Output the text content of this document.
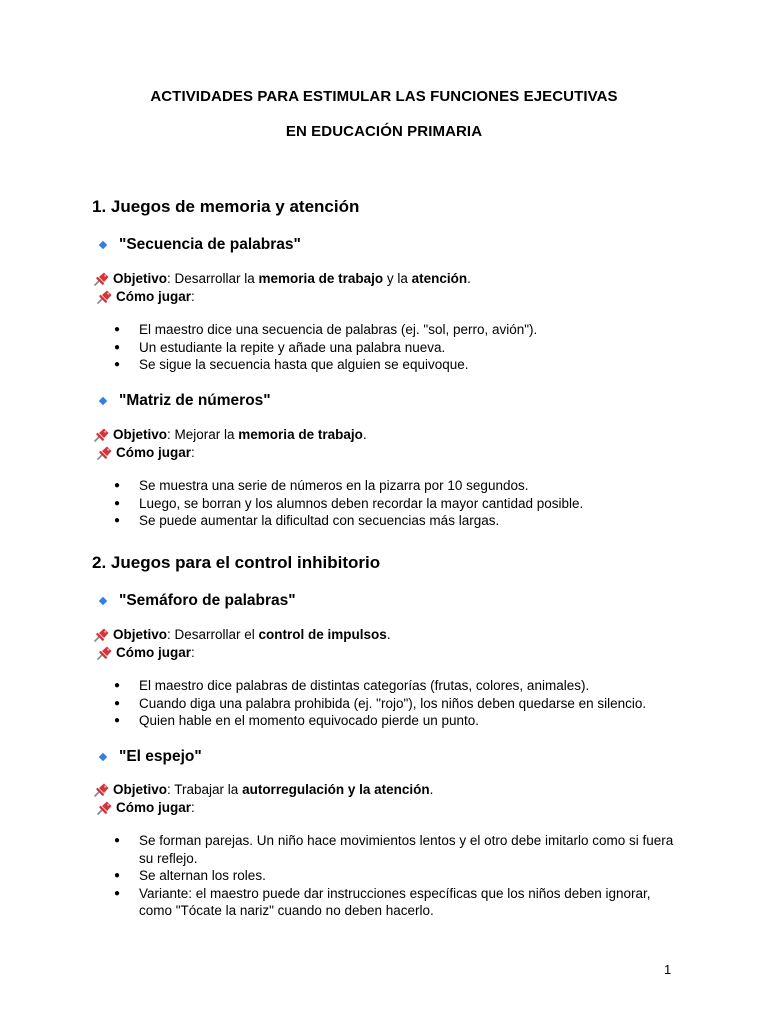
ACTIVIDADES PARA ESTIMULAR LAS FUNCIONES EJECUTIVAS
EN EDUCACIÓN PRIMARIA
1. Juegos de memoria y atención
"Secuencia de palabras"
Objetivo : Desarrollar la memoria de trabajo y la atención.
Cómo jugar :
● El maestro dice una secuencia de palabras (ej. "sol, perro, avión").
● Un estudiante la repite y añade una palabra nueva.
● Se sigue la secuencia hasta que alguien se equivoque.
"Matriz de números"
Objetivo : Mejorar la memoria de trabajo.
Cómo jugar :
● Se muestra una serie de números en la pizarra por 10 segundos.
● Luego, se borran y los alumnos deben recordar la mayor cantidad posible.
● Se puede aumentar la dificultad con secuencias más largas.
2. Juegos para el control inhibitorio
"Semáforo de palabras"
Objetivo : Desarrollar el control de impulsos.
Cómo jugar :
● El maestro dice palabras de distintas categorías (frutas, colores, animales).
● Cuando diga una palabra prohibida (ej. "rojo"), los niños deben quedarse en silencio.
● Quien hable en el momento equivocado pierde un punto.
"El espejo"
Objetivo : Trabajar la autorregulación y la atención.
Cómo jugar :
● Se forman parejas. Un niño hace movimientos lentos y el otro debe imitarlo como si fuera su reflejo.
● Se alternan los roles.
● Variante: el maestro puede dar instrucciones específicas que los niños deben ignorar, como "Tócate la nariz" cuando no deben hacerlo.
1
